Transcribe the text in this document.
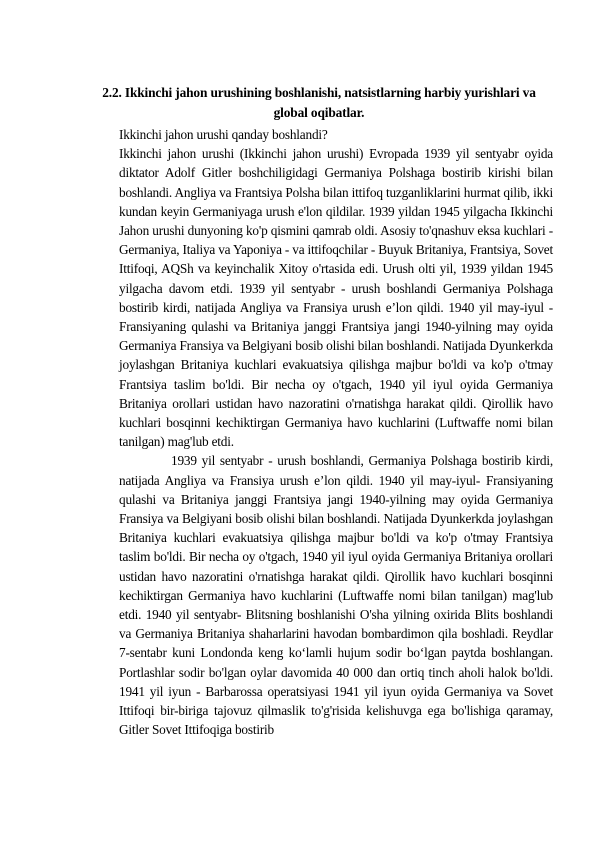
2.2. Ikkinchi jahon urushining boshlanishi, natsistlarning harbiy yurishlari va global oqibatlar.

Ikkinchi jahon urushi qanday boshlandi?

Ikkinchi jahon urushi (Ikkinchi jahon urushi) Evropada 1939 yil sentyabr oyida diktator Adolf Gitler boshchiligidagi Germaniya Polshaga bostirib kirishi bilan boshlandi. Angliya va Frantsiya Polsha bilan ittifoq tuzganliklarini hurmat qilib, ikki kundan keyin Germaniyaga urush e'lon qildilar. 1939 yildan 1945 yilgacha Ikkinchi Jahon urushi dunyoning ko'p qismini qamrab oldi. Asosiy to'qnashuv eksa kuchlari - Germaniya, Italiya va Yaponiya - va ittifoqchilar - Buyuk Britaniya, Frantsiya, Sovet Ittifoqi, AQSh va keyinchalik Xitoy o'rtasida edi. Urush olti yil, 1939 yildan 1945 yilgacha davom etdi. 1939 yil sentyabr - urush boshlandi Germaniya Polshaga bostirib kirdi, natijada Angliya va Fransiya urush e’lon qildi. 1940 yil may-iyul - Fransiyaning qulashi va Britaniya janggi Frantsiya jangi 1940-yilning may oyida Germaniya Fransiya va Belgiyani bosib olishi bilan boshlandi. Natijada Dyunkerkda joylashgan Britaniya kuchlari evakuatsiya qilishga majbur bo'ldi va ko'p o'tmay Frantsiya taslim bo'ldi. Bir necha oy o'tgach, 1940 yil iyul oyida Germaniya Britaniya orollari ustidan havo nazoratini o'rnatishga harakat qildi. Qirollik havo kuchlari bosqinni kechiktirgan Germaniya havo kuchlarini (Luftwaffe nomi bilan tanilgan) mag'lub etdi.

1939 yil sentyabr - urush boshlandi, Germaniya Polshaga bostirib kirdi, natijada Angliya va Fransiya urush e’lon qildi. 1940 yil may-iyul- Fransiyaning qulashi va Britaniya janggi Frantsiya jangi 1940-yilning may oyida Germaniya Fransiya va Belgiyani bosib olishi bilan boshlandi. Natijada Dyunkerkda joylashgan Britaniya kuchlari evakuatsiya qilishga majbur bo'ldi va ko'p o'tmay Frantsiya taslim bo'ldi. Bir necha oy o'tgach, 1940 yil iyul oyida Germaniya Britaniya orollari ustidan havo nazoratini o'rnatishga harakat qildi. Qirollik havo kuchlari bosqinni kechiktirgan Germaniya havo kuchlarini (Luftwaffe nomi bilan tanilgan) mag'lub etdi. 1940 yil sentyabr- Blitsning boshlanishi O'sha yilning oxirida Blits boshlandi va Germaniya Britaniya shaharlarini havodan bombardimon qila boshladi. Reydlar 7-sentabr kuni Londonda keng ko‘lamli hujum sodir bo‘lgan paytda boshlangan. Portlashlar sodir bo'lgan oylar davomida 40 000 dan ortiq tinch aholi halok bo'ldi. 1941 yil iyun - Barbarossa operatsiyasi 1941 yil iyun oyida Germaniya va Sovet Ittifoqi bir-biriga tajovuz qilmaslik to'g'risida kelishuvga ega bo'lishiga qaramay, Gitler Sovet Ittifoqiga bostirib
